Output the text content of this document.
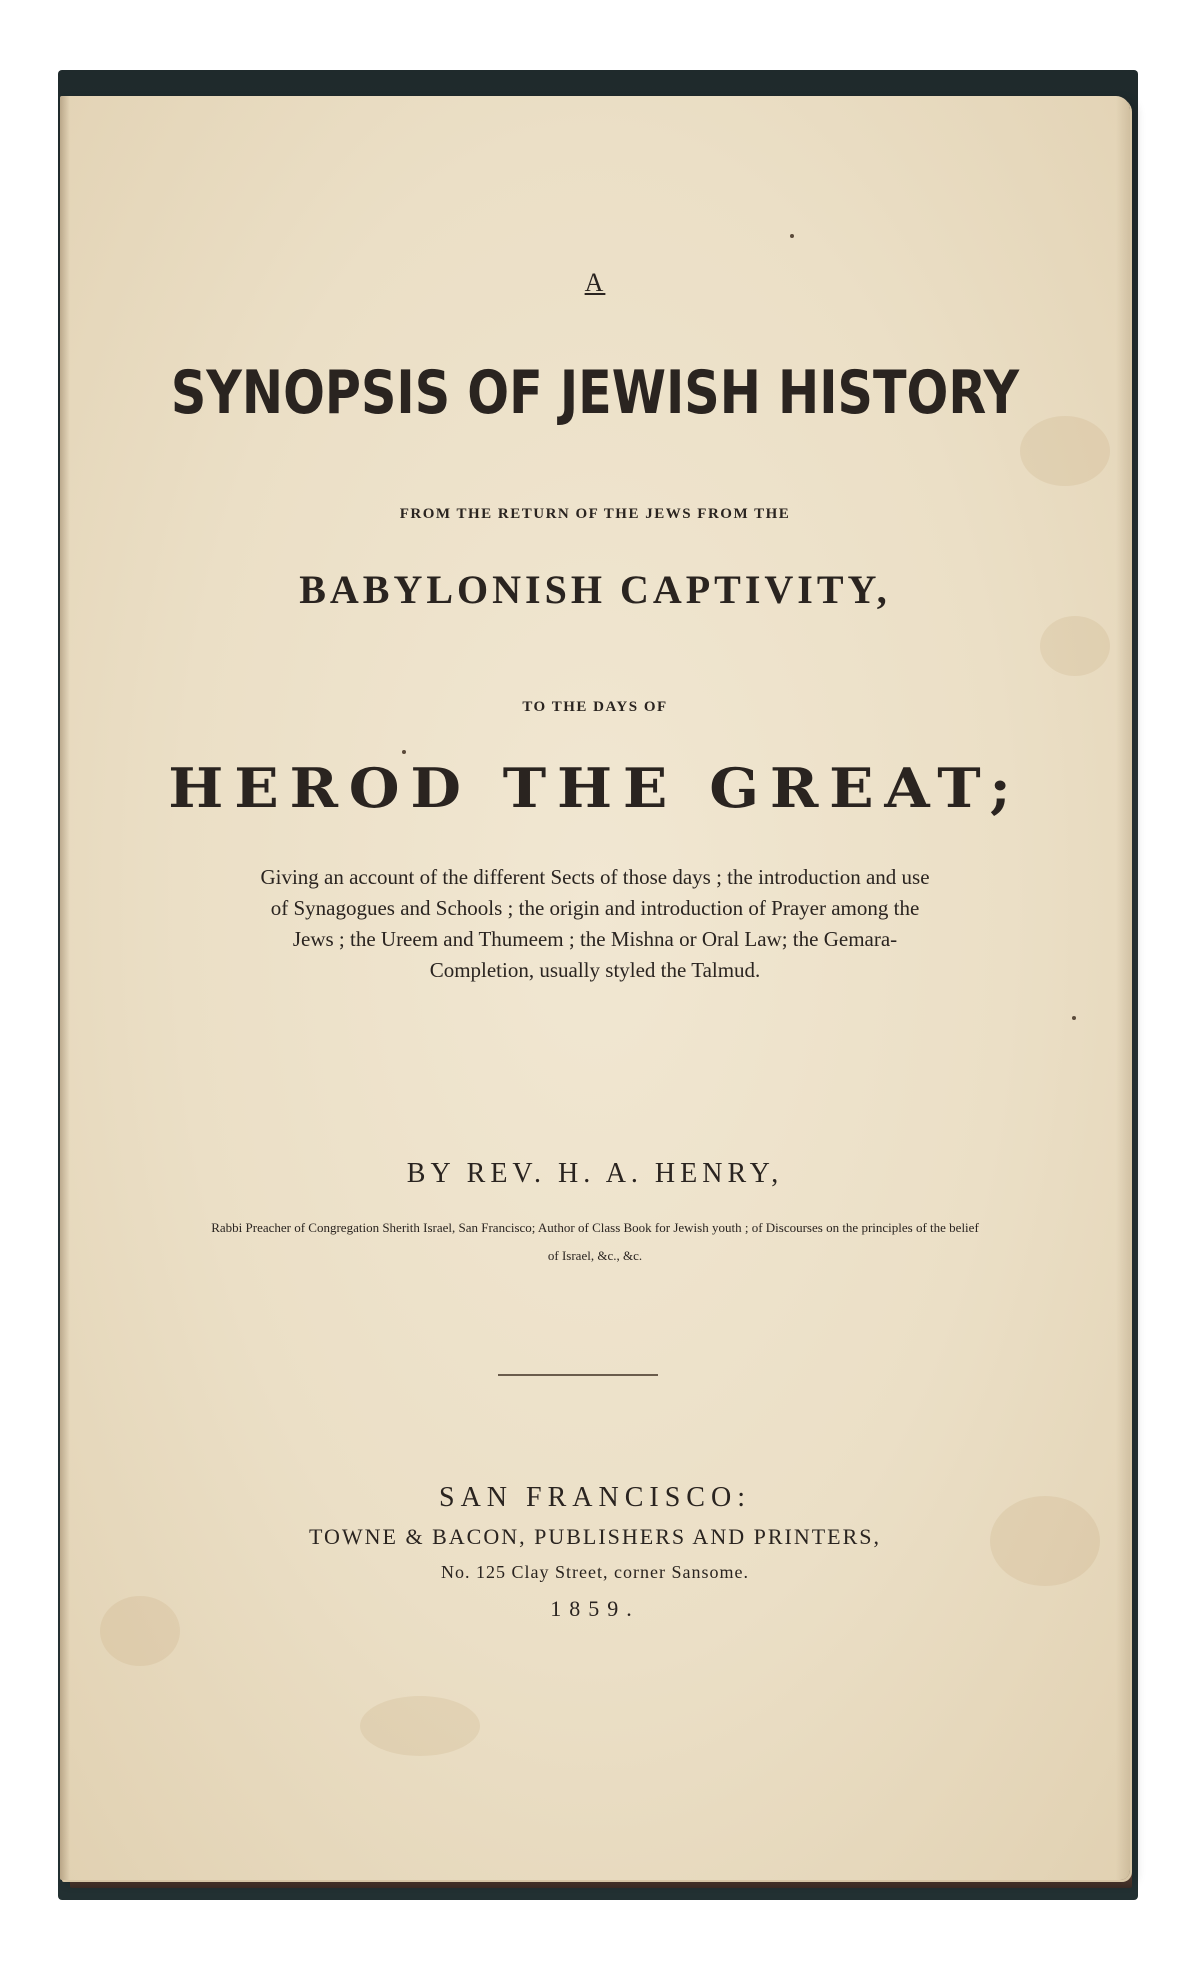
A
SYNOPSIS OF JEWISH HISTORY
FROM THE RETURN OF THE JEWS FROM THE
BABYLONISH CAPTIVITY,
TO THE DAYS OF
HEROD THE GREAT;
Giving an account of the different Sects of those days ; the introduction and use of Synagogues and Schools ; the origin and introduction of Prayer among the Jews ; the Ureem and Thumeem ; the Mishna or Oral Law; the Gemara-Completion, usually styled the Talmud.
BY REV. H. A. HENRY,
Rabbi Preacher of Congregation Sherith Israel, San Francisco; Author of Class Book for Jewish youth ; of Discourses on the principles of the belief of Israel, &c., &c.
SAN FRANCISCO:
TOWNE & BACON, PUBLISHERS AND PRINTERS,
No. 125 Clay Street, corner Sansome.
1859.
